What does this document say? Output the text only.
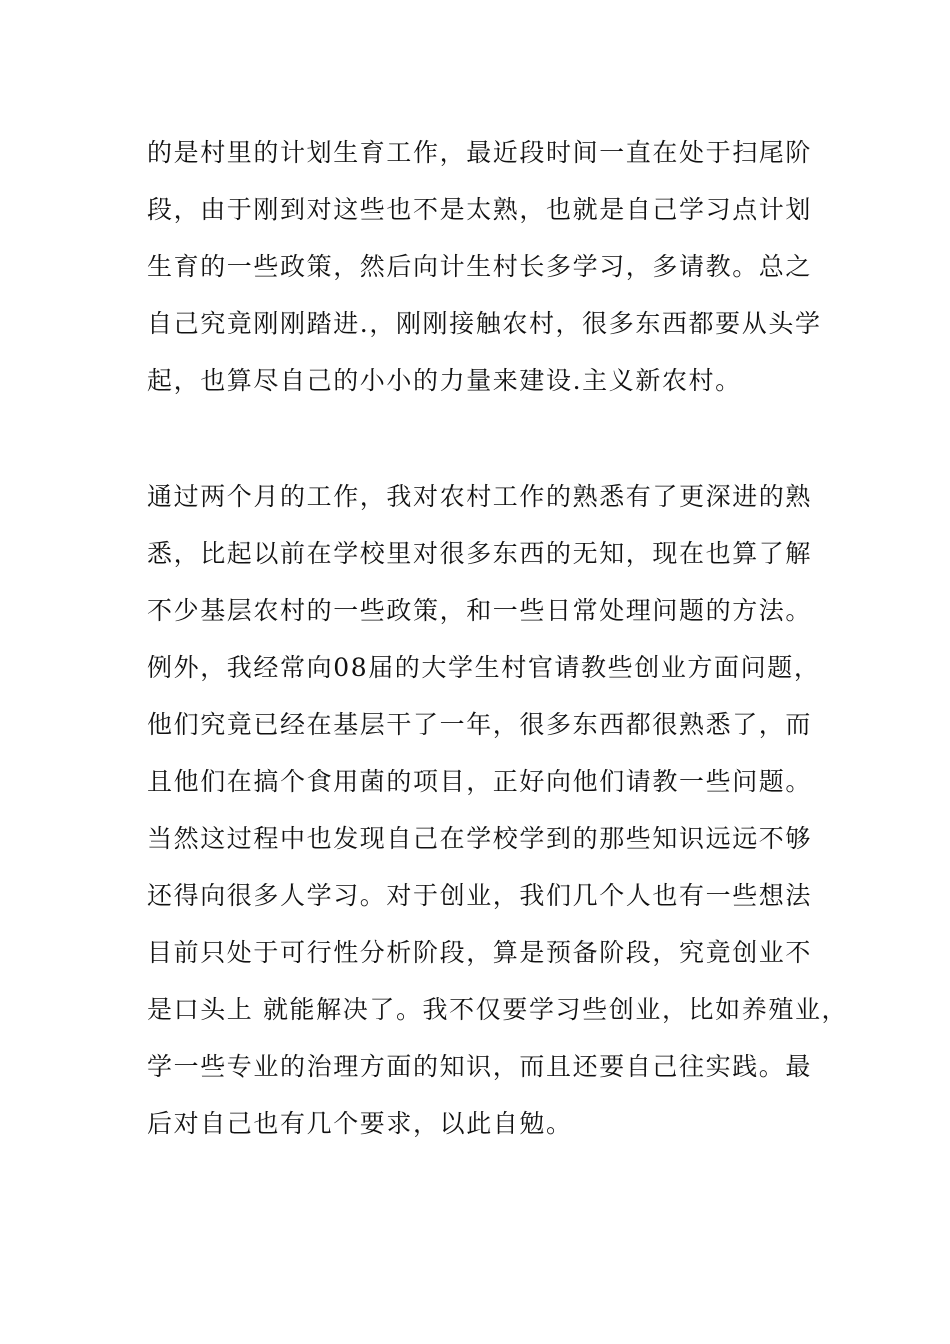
的是村里的计划生育工作，最近段时间一直在处于扫尾阶
段，由于刚到对这些也不是太熟，也就是自己学习点计划
生育的一些政策，然后向计生村长多学习，多请教。总之
自己究竟刚刚踏进.，刚刚接触农村，很多东西都要从头学
起，也算尽自己的小小的力量来建设.主义新农村。
通过两个月的工作，我对农村工作的熟悉有了更深进的熟
悉，比起以前在学校里对很多东西的无知，现在也算了解
不少基层农村的一些政策，和一些日常处理问题的方法。
例外，我经常向08届的大学生村官请教些创业方面问题，
他们究竟已经在基层干了一年，很多东西都很熟悉了，而
且他们在搞个食用菌的项目，正好向他们请教一些问题。
当然这过程中也发现自己在学校学到的那些知识远远不够
还得向很多人学习。对于创业，我们几个人也有一些想法
目前只处于可行性分析阶段，算是预备阶段，究竟创业不
是口头上 就能解决了。我不仅要学习些创业，比如养殖业，
学一些专业的治理方面的知识，而且还要自己往实践。最
后对自己也有几个要求，以此自勉。
